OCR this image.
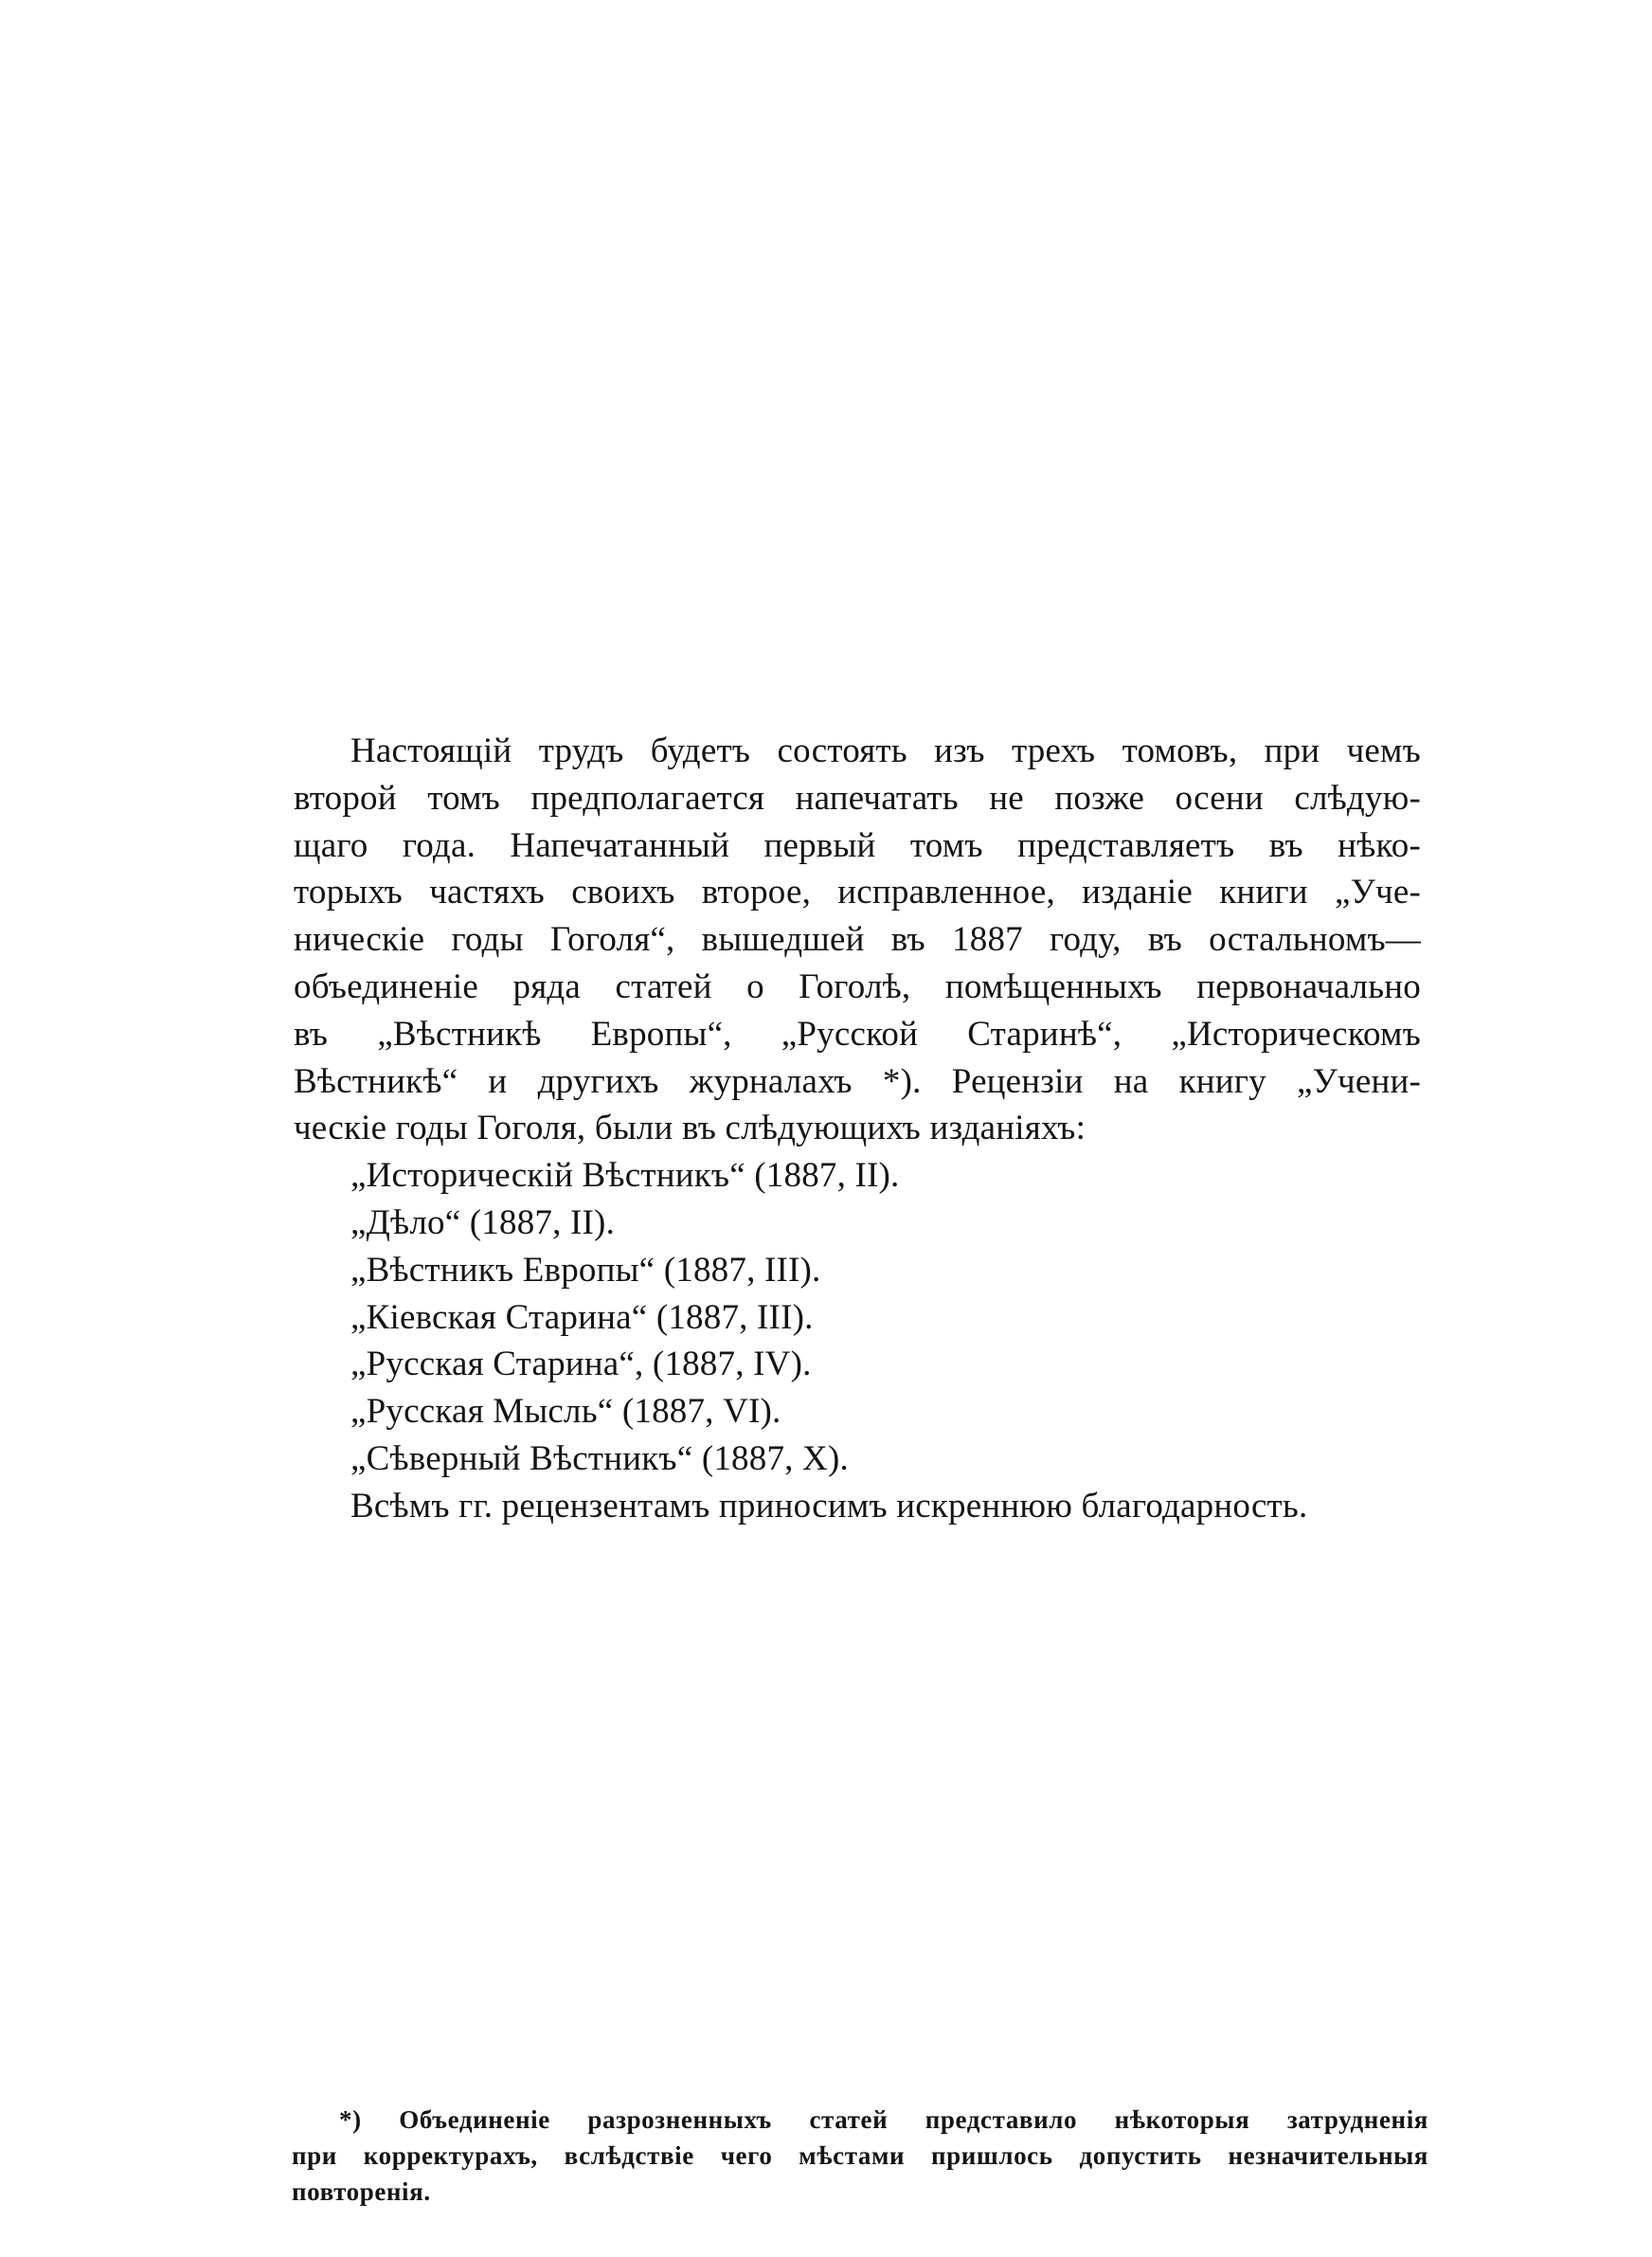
Настоящій трудъ будетъ состоять изъ трехъ томовъ, при чемъ
второй томъ предполагается напечатать не позже осени слѣдую-
щаго года. Напечатанный первый томъ представляетъ въ нѣко-
торыхъ частяхъ своихъ второе, исправленное, изданіе книги „Уче-
ническіе годы Гоголя“, вышедшей въ 1887 году, въ остальномъ—
объединеніе ряда статей о Гоголѣ, помѣщенныхъ первоначально
въ „Вѣстникѣ Европы“, „Русской Старинѣ“, „Историческомъ
Вѣстникѣ“ и другихъ журналахъ *). Рецензіи на книгу „Учени-
ческіе годы Гоголя, были въ слѣдующихъ изданіяхъ:
„Историческій Вѣстникъ“ (1887, II).
„Дѣло“ (1887, II).
„Вѣстникъ Европы“ (1887, III).
„Кіевская Старина“ (1887, III).
„Русская Старина“, (1887, IV).
„Русская Мысль“ (1887, VI).
„Сѣверный Вѣстникъ“ (1887, X).
Всѣмъ гг. рецензентамъ приносимъ искреннюю благодарность.
*) Объединеніе разрозненныхъ статей представило нѣкоторыя затрудненія
при корректурахъ, вслѣдствіе чего мѣстами пришлось допустить незначительныя
повторенія.
